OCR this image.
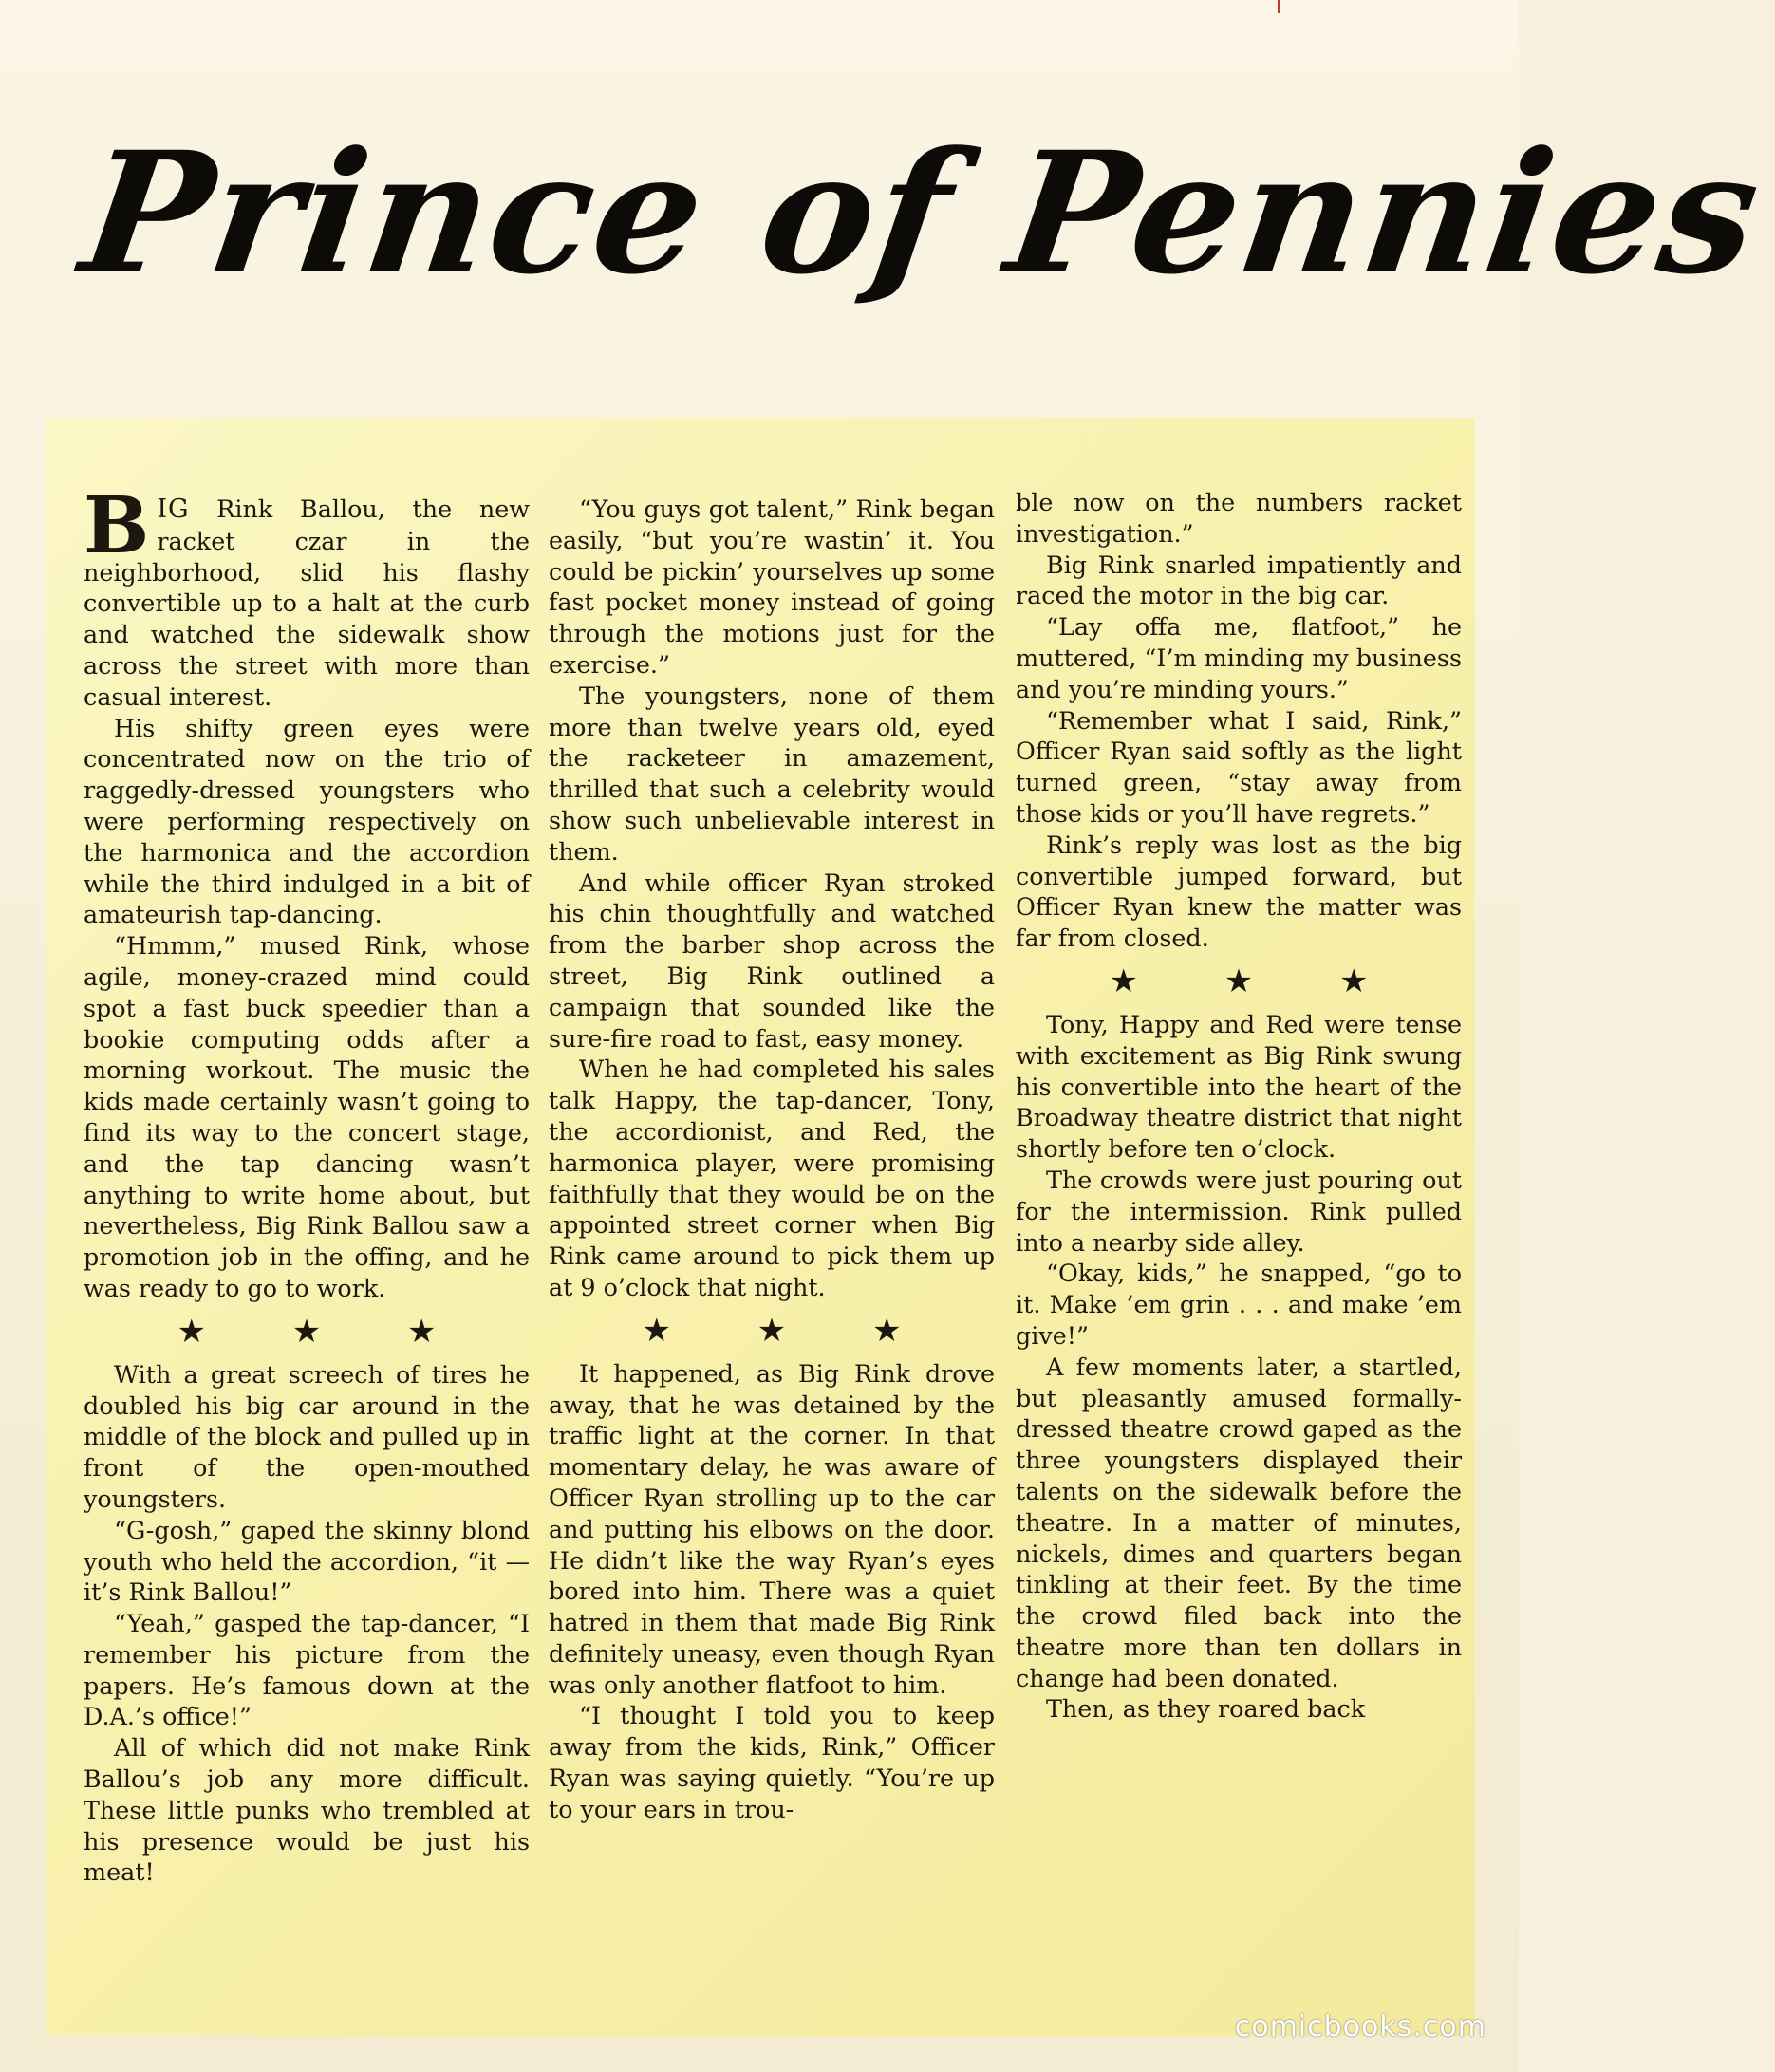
Prince of Pennies

BIG Rink Ballou, the new racket czar in the neighborhood, slid his flashy convertible up to a halt at the curb and watched the sidewalk show across the street with more than casual interest.

His shifty green eyes were concentrated now on the trio of raggedly-dressed youngsters who were performing respectively on the harmonica and the accordion while the third indulged in a bit of amateurish tap-dancing.

“Hmmm,” mused Rink, whose agile, money-crazed mind could spot a fast buck speedier than a bookie computing odds after a morning workout. The music the kids made certainly wasn’t going to find its way to the concert stage, and the tap dancing wasn’t anything to write home about, but nevertheless, Big Rink Ballou saw a promotion job in the offing, and he was ready to go to work.

★ ★ ★

With a great screech of tires he doubled his big car around in the middle of the block and pulled up in front of the open-mouthed youngsters.

“G-gosh,” gaped the skinny blond youth who held the accordion, “it — it’s Rink Ballou!”

“Yeah,” gasped the tap-dancer, “I remember his picture from the papers. He’s famous down at the D.A.’s office!”

All of which did not make Rink Ballou’s job any more difficult. These little punks who trembled at his presence would be just his meat!

“You guys got talent,” Rink began easily, “but you’re wastin’ it. You could be pickin’ yourselves up some fast pocket money instead of going through the motions just for the exercise.”

The youngsters, none of them more than twelve years old, eyed the racketeer in amazement, thrilled that such a celebrity would show such unbelievable interest in them.

And while officer Ryan stroked his chin thoughtfully and watched from the barber shop across the street, Big Rink outlined a campaign that sounded like the sure-fire road to fast, easy money.

When he had completed his sales talk Happy, the tap-dancer, Tony, the accordionist, and Red, the harmonica player, were promising faithfully that they would be on the appointed street corner when Big Rink came around to pick them up at 9 o’clock that night.

★ ★ ★

It happened, as Big Rink drove away, that he was detained by the traffic light at the corner. In that momentary delay, he was aware of Officer Ryan strolling up to the car and putting his elbows on the door. He didn’t like the way Ryan’s eyes bored into him. There was a quiet hatred in them that made Big Rink definitely uneasy, even though Ryan was only another flatfoot to him.

“I thought I told you to keep away from the kids, Rink,” Officer Ryan was saying quietly. “You’re up to your ears in trou-

ble now on the numbers racket investigation.”

Big Rink snarled impatiently and raced the motor in the big car.

“Lay offa me, flatfoot,” he muttered, “I’m minding my business and you’re minding yours.”

“Remember what I said, Rink,” Officer Ryan said softly as the light turned green, “stay away from those kids or you’ll have regrets.”

Rink’s reply was lost as the big convertible jumped forward, but Officer Ryan knew the matter was far from closed.

★ ★ ★

Tony, Happy and Red were tense with excitement as Big Rink swung his convertible into the heart of the Broadway theatre district that night shortly before ten o’clock.

The crowds were just pouring out for the intermission. Rink pulled into a nearby side alley.

“Okay, kids,” he snapped, “go to it. Make ’em grin . . . and make ’em give!”

A few moments later, a startled, but pleasantly amused formally-dressed theatre crowd gaped as the three youngsters displayed their talents on the sidewalk before the theatre. In a matter of minutes, nickels, dimes and quarters began tinkling at their feet. By the time the crowd filed back into the theatre more than ten dollars in change had been donated.

Then, as they roared back

comicbooks.com
